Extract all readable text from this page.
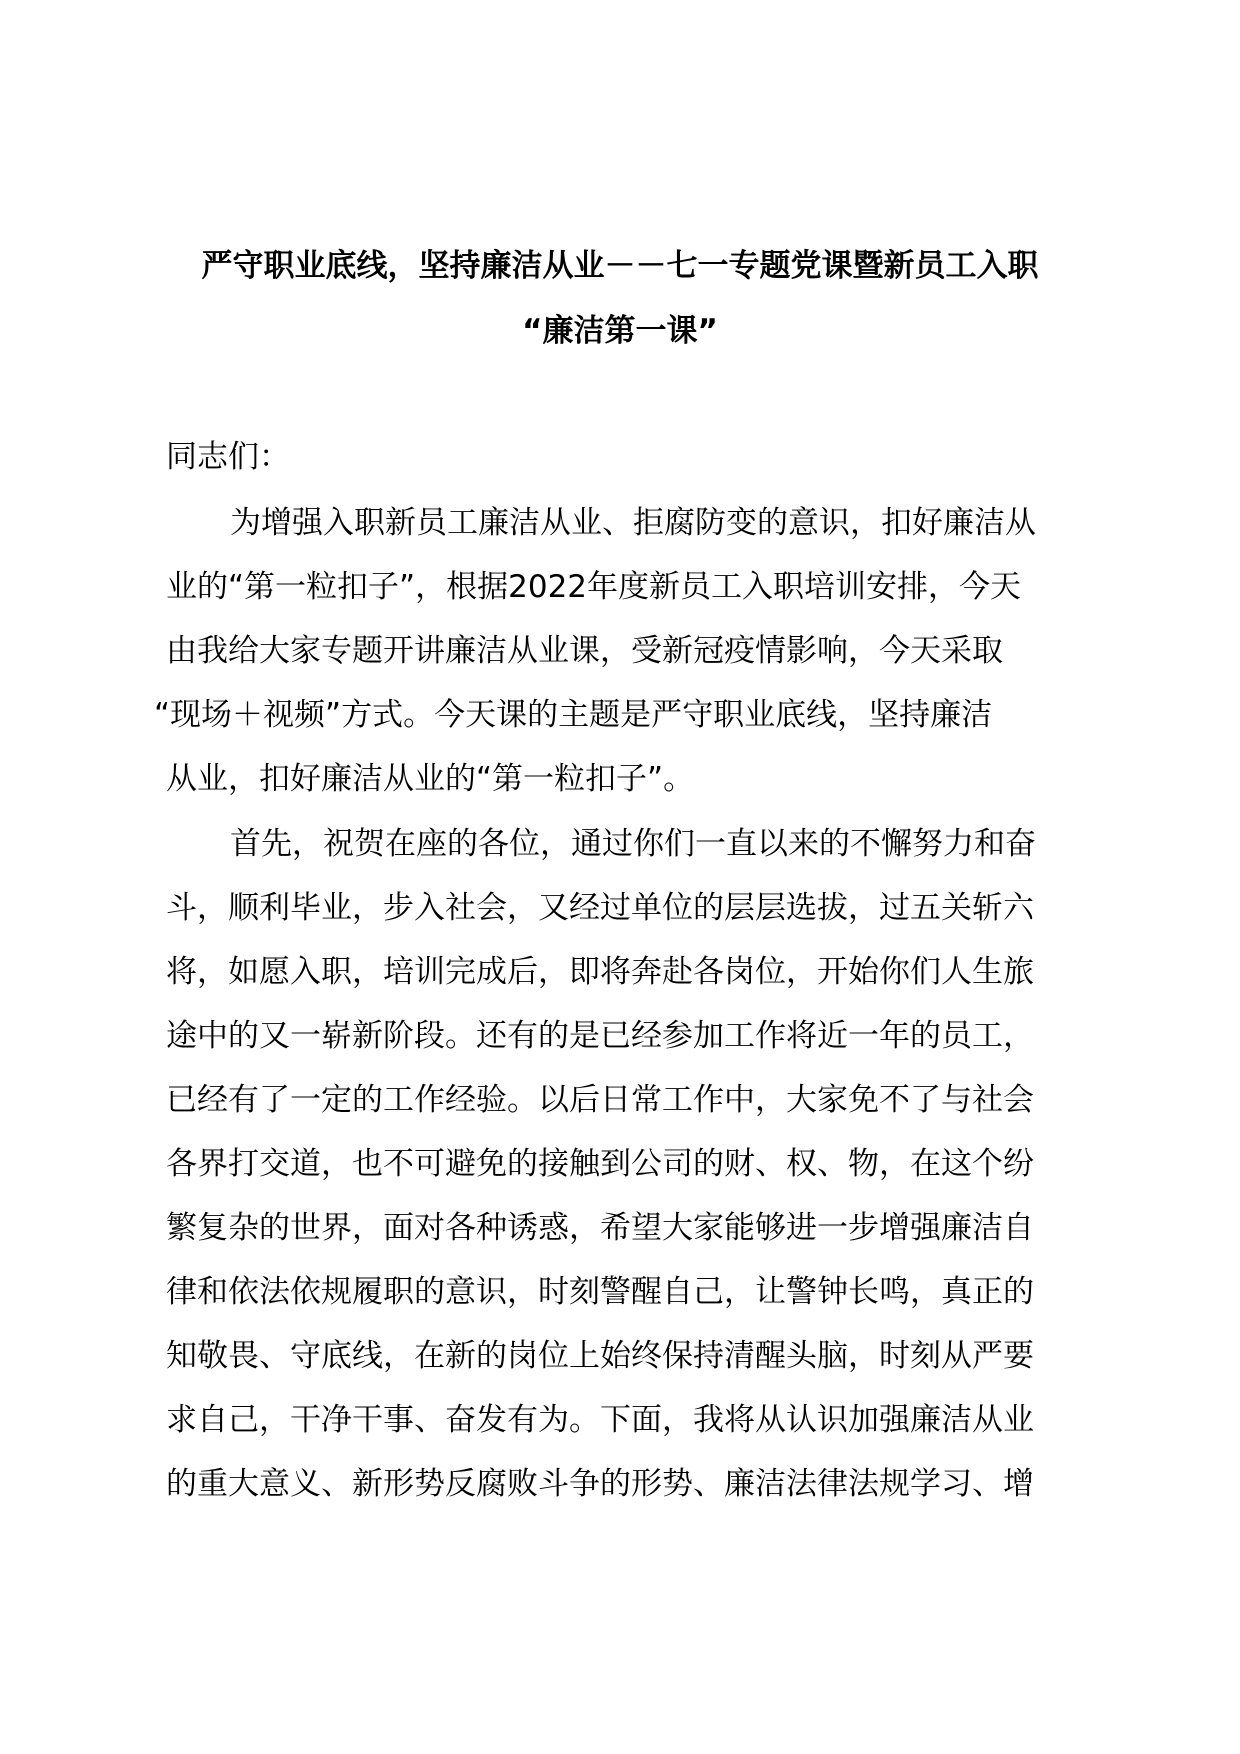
严守职业底线，坚持廉洁从业－－七一专题党课暨新员工入职
“廉洁第一课”

同志们：

为增强入职新员工廉洁从业、拒腐防变的意识，扣好廉洁从
业的“第一粒扣子”，根据2022年度新员工入职培训安排，今天
由我给大家专题开讲廉洁从业课，受新冠疫情影响，今天采取
“现场＋视频”方式。今天课的主题是严守职业底线，坚持廉洁
从业，扣好廉洁从业的“第一粒扣子”。

首先，祝贺在座的各位，通过你们一直以来的不懈努力和奋
斗，顺利毕业，步入社会，又经过单位的层层选拔，过五关斩六
将，如愿入职，培训完成后，即将奔赴各岗位，开始你们人生旅
途中的又一崭新阶段。还有的是已经参加工作将近一年的员工，
已经有了一定的工作经验。以后日常工作中，大家免不了与社会
各界打交道，也不可避免的接触到公司的财、权、物，在这个纷
繁复杂的世界，面对各种诱惑，希望大家能够进一步增强廉洁自
律和依法依规履职的意识，时刻警醒自己，让警钟长鸣，真正的
知敬畏、守底线，在新的岗位上始终保持清醒头脑，时刻从严要
求自己，干净干事、奋发有为。下面，我将从认识加强廉洁从业
的重大意义、新形势反腐败斗争的形势、廉洁法律法规学习、增
